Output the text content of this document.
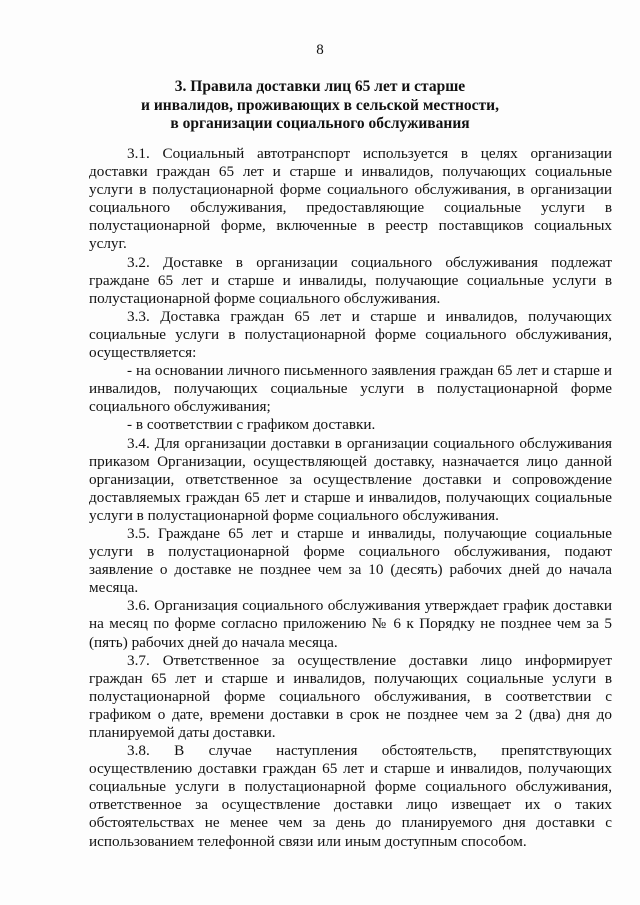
8
3. Правила доставки лиц 65 лет и старше
и инвалидов, проживающих в сельской местности,
в организации социального обслуживания

3.1. Социальный автотранспорт используется в целях организации доставки граждан 65 лет и старше и инвалидов, получающих социальные услуги в полустационарной форме социального обслуживания, в организации социального обслуживания, предоставляющие социальные услуги в полустационарной форме, включенные в реестр поставщиков социальных услуг.

3.2. Доставке в организации социального обслуживания подлежат граждане 65 лет и старше и инвалиды, получающие социальные услуги в полустационарной форме социального обслуживания.

3.3. Доставка граждан 65 лет и старше и инвалидов, получающих социальные услуги в полустационарной форме социального обслуживания, осуществляется:

- на основании личного письменного заявления граждан 65 лет и старше и инвалидов, получающих социальные услуги в полустационарной форме социального обслуживания;

- в соответствии с графиком доставки.

3.4. Для организации доставки в организации социального обслуживания приказом Организации, осуществляющей доставку, назначается лицо данной организации, ответственное за осуществление доставки и сопровождение доставляемых граждан 65 лет и старше и инвалидов, получающих социальные услуги в полустационарной форме социального обслуживания.

3.5. Граждане 65 лет и старше и инвалиды, получающие социальные услуги в полустационарной форме социального обслуживания, подают заявление о доставке не позднее чем за 10 (десять) рабочих дней до начала месяца.

3.6. Организация социального обслуживания утверждает график доставки на месяц по форме согласно приложению № 6 к Порядку не позднее чем за 5 (пять) рабочих дней до начала месяца.

3.7. Ответственное за осуществление доставки лицо информирует граждан 65 лет и старше и инвалидов, получающих социальные услуги в полустационарной форме социального обслуживания, в соответствии с графиком о дате, времени доставки в срок не позднее чем за 2 (два) дня до планируемой даты доставки.

3.8. В случае наступления обстоятельств, препятствующих осуществлению доставки граждан 65 лет и старше и инвалидов, получающих социальные услуги в полустационарной форме социального обслуживания, ответственное за осуществление доставки лицо извещает их о таких обстоятельствах не менее чем за день до планируемого дня доставки с использованием телефонной связи или иным доступным способом.
